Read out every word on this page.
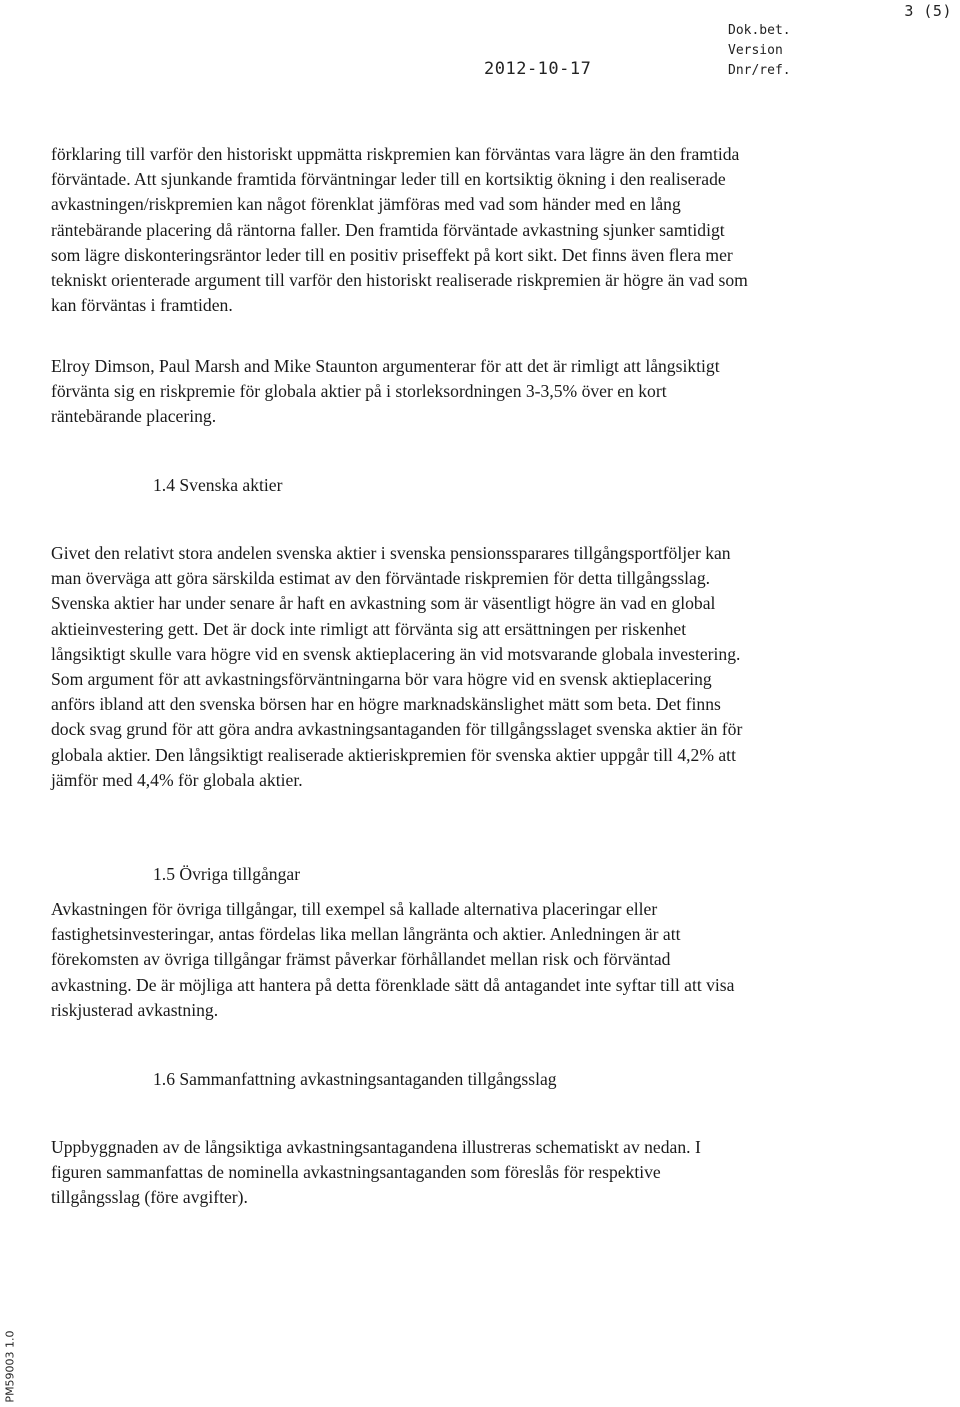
3 (5)
2012-10-17
Dok.bet.
Version
Dnr/ref.

förklaring till varför den historiskt uppmätta riskpremien kan förväntas vara lägre än den framtida förväntade. Att sjunkande framtida förväntningar leder till en kortsiktig ökning i den realiserade avkastningen/riskpremien kan något förenklat jämföras med vad som händer med en lång räntebärande placering då räntorna faller. Den framtida förväntade avkastning sjunker samtidigt som lägre diskonteringsräntor leder till en positiv priseffekt på kort sikt. Det finns även flera mer tekniskt orienterade argument till varför den historiskt realiserade riskpremien är högre än vad som kan förväntas i framtiden.

Elroy Dimson, Paul Marsh and Mike Staunton argumenterar för att det är rimligt att långsiktigt förvänta sig en riskpremie för globala aktier på i storleksordningen 3-3,5% över en kort räntebärande placering.

1.4 Svenska aktier

Givet den relativt stora andelen svenska aktier i svenska pensionssparares tillgångsportföljer kan man överväga att göra särskilda estimat av den förväntade riskpremien för detta tillgångsslag. Svenska aktier har under senare år haft en avkastning som är väsentligt högre än vad en global aktieinvestering gett. Det är dock inte rimligt att förvänta sig att ersättningen per riskenhet långsiktigt skulle vara högre vid en svensk aktieplacering än vid motsvarande globala investering. Som argument för att avkastningsförväntningarna bör vara högre vid en svensk aktieplacering anförs ibland att den svenska börsen har en högre marknadskänslighet mätt som beta. Det finns dock svag grund för att göra andra avkastningsantaganden för tillgångsslaget svenska aktier än för globala aktier. Den långsiktigt realiserade aktieriskpremien för svenska aktier uppgår till 4,2% att jämför med 4,4% för globala aktier.

1.5 Övriga tillgångar

Avkastningen för övriga tillgångar, till exempel så kallade alternativa placeringar eller fastighetsinvesteringar, antas fördelas lika mellan långränta och aktier. Anledningen är att förekomsten av övriga tillgångar främst påverkar förhållandet mellan risk och förväntad avkastning. De är möjliga att hantera på detta förenklade sätt då antagandet inte syftar till att visa riskjusterad avkastning.

1.6 Sammanfattning avkastningsantaganden tillgångsslag

Uppbyggnaden av de långsiktiga avkastningsantagandena illustreras schematiskt av nedan. I figuren sammanfattas de nominella avkastningsantaganden som föreslås för respektive tillgångsslag (före avgifter).

PM59003 1.0
